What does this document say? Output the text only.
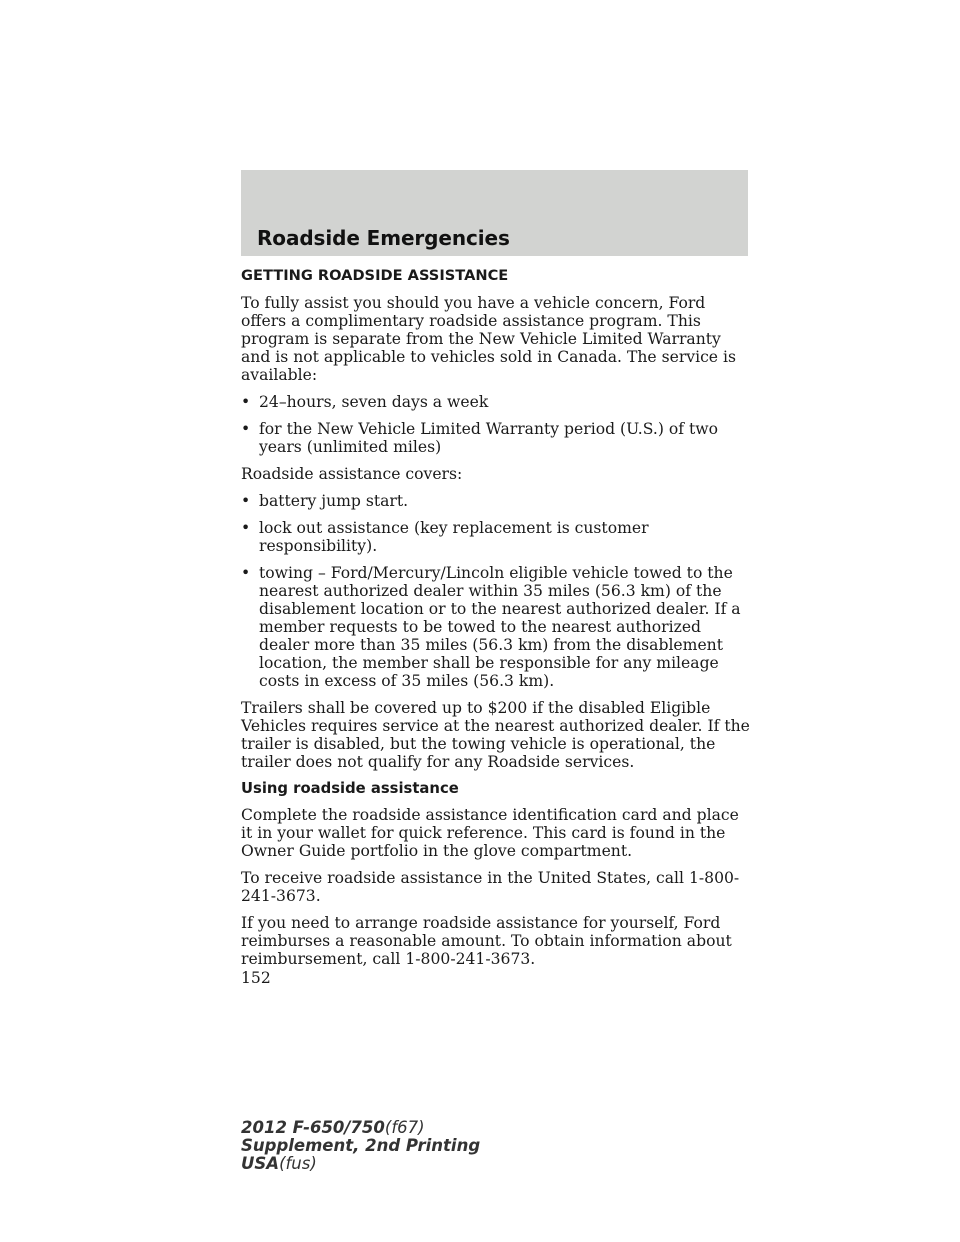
Roadside Emergencies
GETTING ROADSIDE ASSISTANCE

To fully assist you should you have a vehicle concern, Ford offers a complimentary roadside assistance program. This program is separate from the New Vehicle Limited Warranty and is not applicable to vehicles sold in Canada. The service is available:

• 24–hours, seven days a week
• for the New Vehicle Limited Warranty period (U.S.) of two years (unlimited miles)

Roadside assistance covers:

• battery jump start.
• lock out assistance (key replacement is customer responsibility).
• towing – Ford/Mercury/Lincoln eligible vehicle towed to the nearest authorized dealer within 35 miles (56.3 km) of the disablement location or to the nearest authorized dealer. If a member requests to be towed to the nearest authorized dealer more than 35 miles (56.3 km) from the disablement location, the member shall be responsible for any mileage costs in excess of 35 miles (56.3 km).

Trailers shall be covered up to $200 if the disabled Eligible Vehicles requires service at the nearest authorized dealer. If the trailer is disabled, but the towing vehicle is operational, the trailer does not qualify for any Roadside services.

Using roadside assistance

Complete the roadside assistance identification card and place it in your wallet for quick reference. This card is found in the Owner Guide portfolio in the glove compartment.

To receive roadside assistance in the United States, call 1-800-241-3673.

If you need to arrange roadside assistance for yourself, Ford reimburses a reasonable amount. To obtain information about reimbursement, call 1-800-241-3673.

152
2012 F-650/750(f67)
Supplement, 2nd Printing
USA(fus)
